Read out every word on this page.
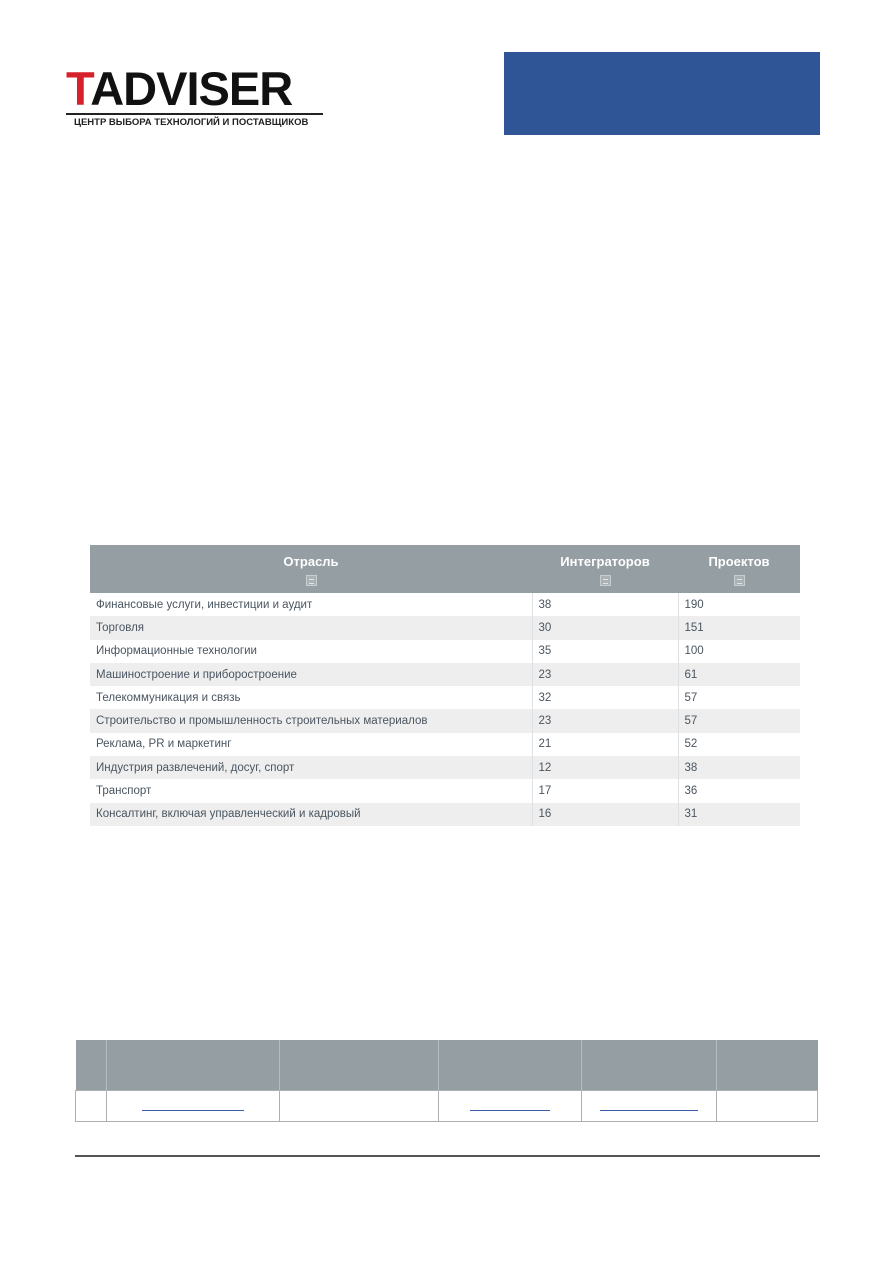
TADVISER
ЦЕНТР ВЫБОРА ТЕХНОЛОГИЙ И ПОСТАВЩИКОВ
Отрасль	Интеграторов	Проектов

Финансовые услуги, инвестиции и аудит	38	190
Торговля	30	151
Информационные технологии	35	100
Машиностроение и приборостроение	23	61
Телекоммуникация и связь	32	57
Строительство и промышленность строительных материалов	23	57
Реклама, PR и маркетинг	21	52
Индустрия развлечений, досуг, спорт	12	38
Транспорт	17	36
Консалтинг, включая управленческий и кадровый	16	31
